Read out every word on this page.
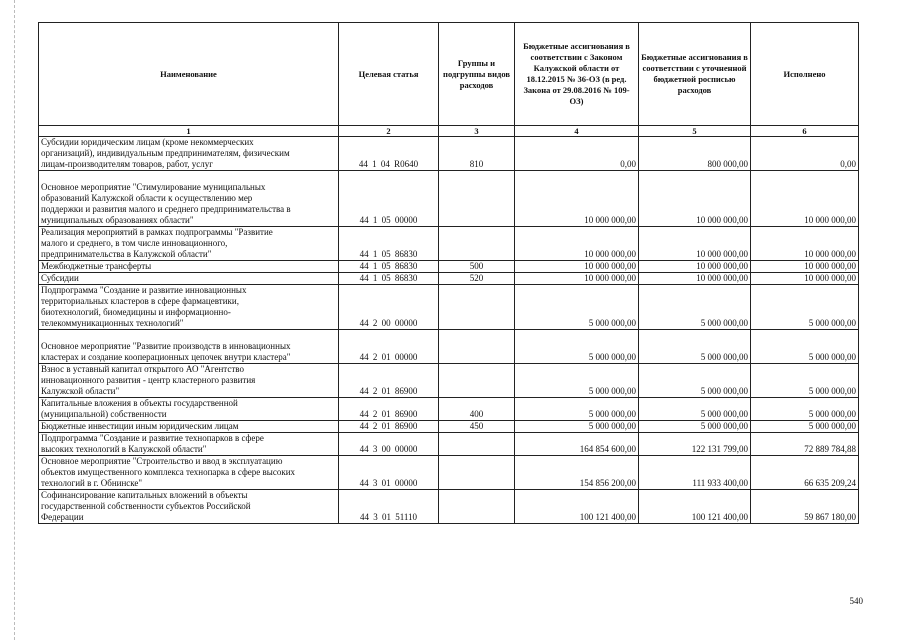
Наименование	Целевая статья	Группы и подгруппы видов расходов	Бюджетные ассигнования в соответствии с Законом Калужской области от 18.12.2015 № 36-ОЗ (в ред. Закона от 29.08.2016 № 109-ОЗ)	Бюджетные ассигнования в соответствии с уточненной бюджетной росписью расходов	Исполнено
1	2	3	4	5	6

Субсидии юридическим лицам (кроме некоммерческих
организаций), индивидуальным предпринимателям, физическим
лицам-производителям товаров, работ, услуг	44 1 04 R0640	810	0,00	800 000,00	0,00

Основное мероприятие "Стимулирование муниципальных
образований Калужской области к осуществлению мер
поддержки и развития малого и среднего предпринимательства в
муниципальных образованиях области"	44 1 05 00000		10 000 000,00	10 000 000,00	10 000 000,00

Реализация мероприятий в рамках подпрограммы "Развитие
малого и среднего, в том числе инновационного,
предпринимательства в Калужской области"	44 1 05 86830		10 000 000,00	10 000 000,00	10 000 000,00

Межбюджетные трансферты	44 1 05 86830	500	10 000 000,00	10 000 000,00	10 000 000,00

Субсидии	44 1 05 86830	520	10 000 000,00	10 000 000,00	10 000 000,00

Подпрограмма "Создание и развитие инновационных
территориальных кластеров в сфере фармацевтики,
биотехнологий, биомедицины и информационно-
телекоммуникационных технологий"	44 2 00 00000		5 000 000,00	5 000 000,00	5 000 000,00

Основное мероприятие "Развитие производств в инновационных
кластерах и создание кооперационных цепочек внутри кластера"	44 2 01 00000		5 000 000,00	5 000 000,00	5 000 000,00

Взнос в уставный капитал открытого АО "Агентство
инновационного развития - центр кластерного развития
Калужской области"	44 2 01 86900		5 000 000,00	5 000 000,00	5 000 000,00

Капитальные вложения в объекты государственной
(муниципальной) собственности	44 2 01 86900	400	5 000 000,00	5 000 000,00	5 000 000,00

Бюджетные инвестиции иным юридическим лицам	44 2 01 86900	450	5 000 000,00	5 000 000,00	5 000 000,00

Подпрограмма "Создание и развитие технопарков в сфере
высоких технологий в Калужской области"	44 3 00 00000		164 854 600,00	122 131 799,00	72 889 784,88

Основное мероприятие "Строительство и ввод в эксплуатацию
объектов имущественного комплекса технопарка в сфере высоких
технологий в г. Обнинске"	44 3 01 00000		154 856 200,00	111 933 400,00	66 635 209,24

Софинансирование капитальных вложений в объекты
государственной собственности субъектов Российской
Федерации	44 3 01 51110		100 121 400,00	100 121 400,00	59 867 180,00
540
